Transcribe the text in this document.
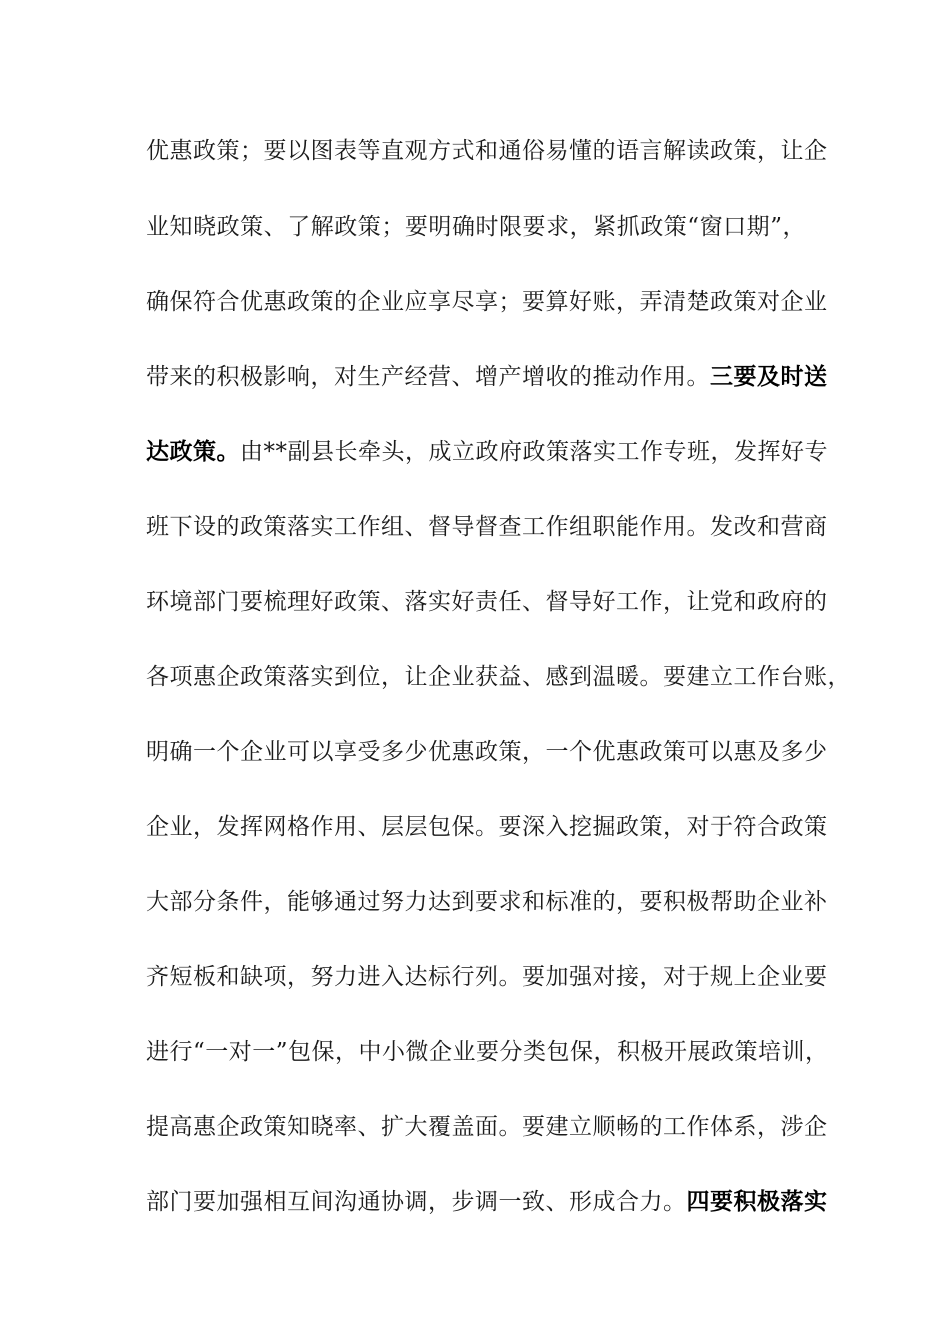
优惠政策；要以图表等直观方式和通俗易懂的语言解读政策，让企
业知晓政策、了解政策；要明确时限要求，紧抓政策“窗口期”，
确保符合优惠政策的企业应享尽享；要算好账，弄清楚政策对企业
带来的积极影响，对生产经营、增产增收的推动作用。三要及时送
达政策。由**副县长牵头，成立政府政策落实工作专班，发挥好专
班下设的政策落实工作组、督导督查工作组职能作用。发改和营商
环境部门要梳理好政策、落实好责任、督导好工作，让党和政府的
各项惠企政策落实到位，让企业获益、感到温暖。要建立工作台账，
明确一个企业可以享受多少优惠政策，一个优惠政策可以惠及多少
企业，发挥网格作用、层层包保。要深入挖掘政策，对于符合政策
大部分条件，能够通过努力达到要求和标准的，要积极帮助企业补
齐短板和缺项，努力进入达标行列。要加强对接，对于规上企业要
进行“一对一”包保，中小微企业要分类包保，积极开展政策培训，
提高惠企政策知晓率、扩大覆盖面。要建立顺畅的工作体系，涉企
部门要加强相互间沟通协调，步调一致、形成合力。四要积极落实
